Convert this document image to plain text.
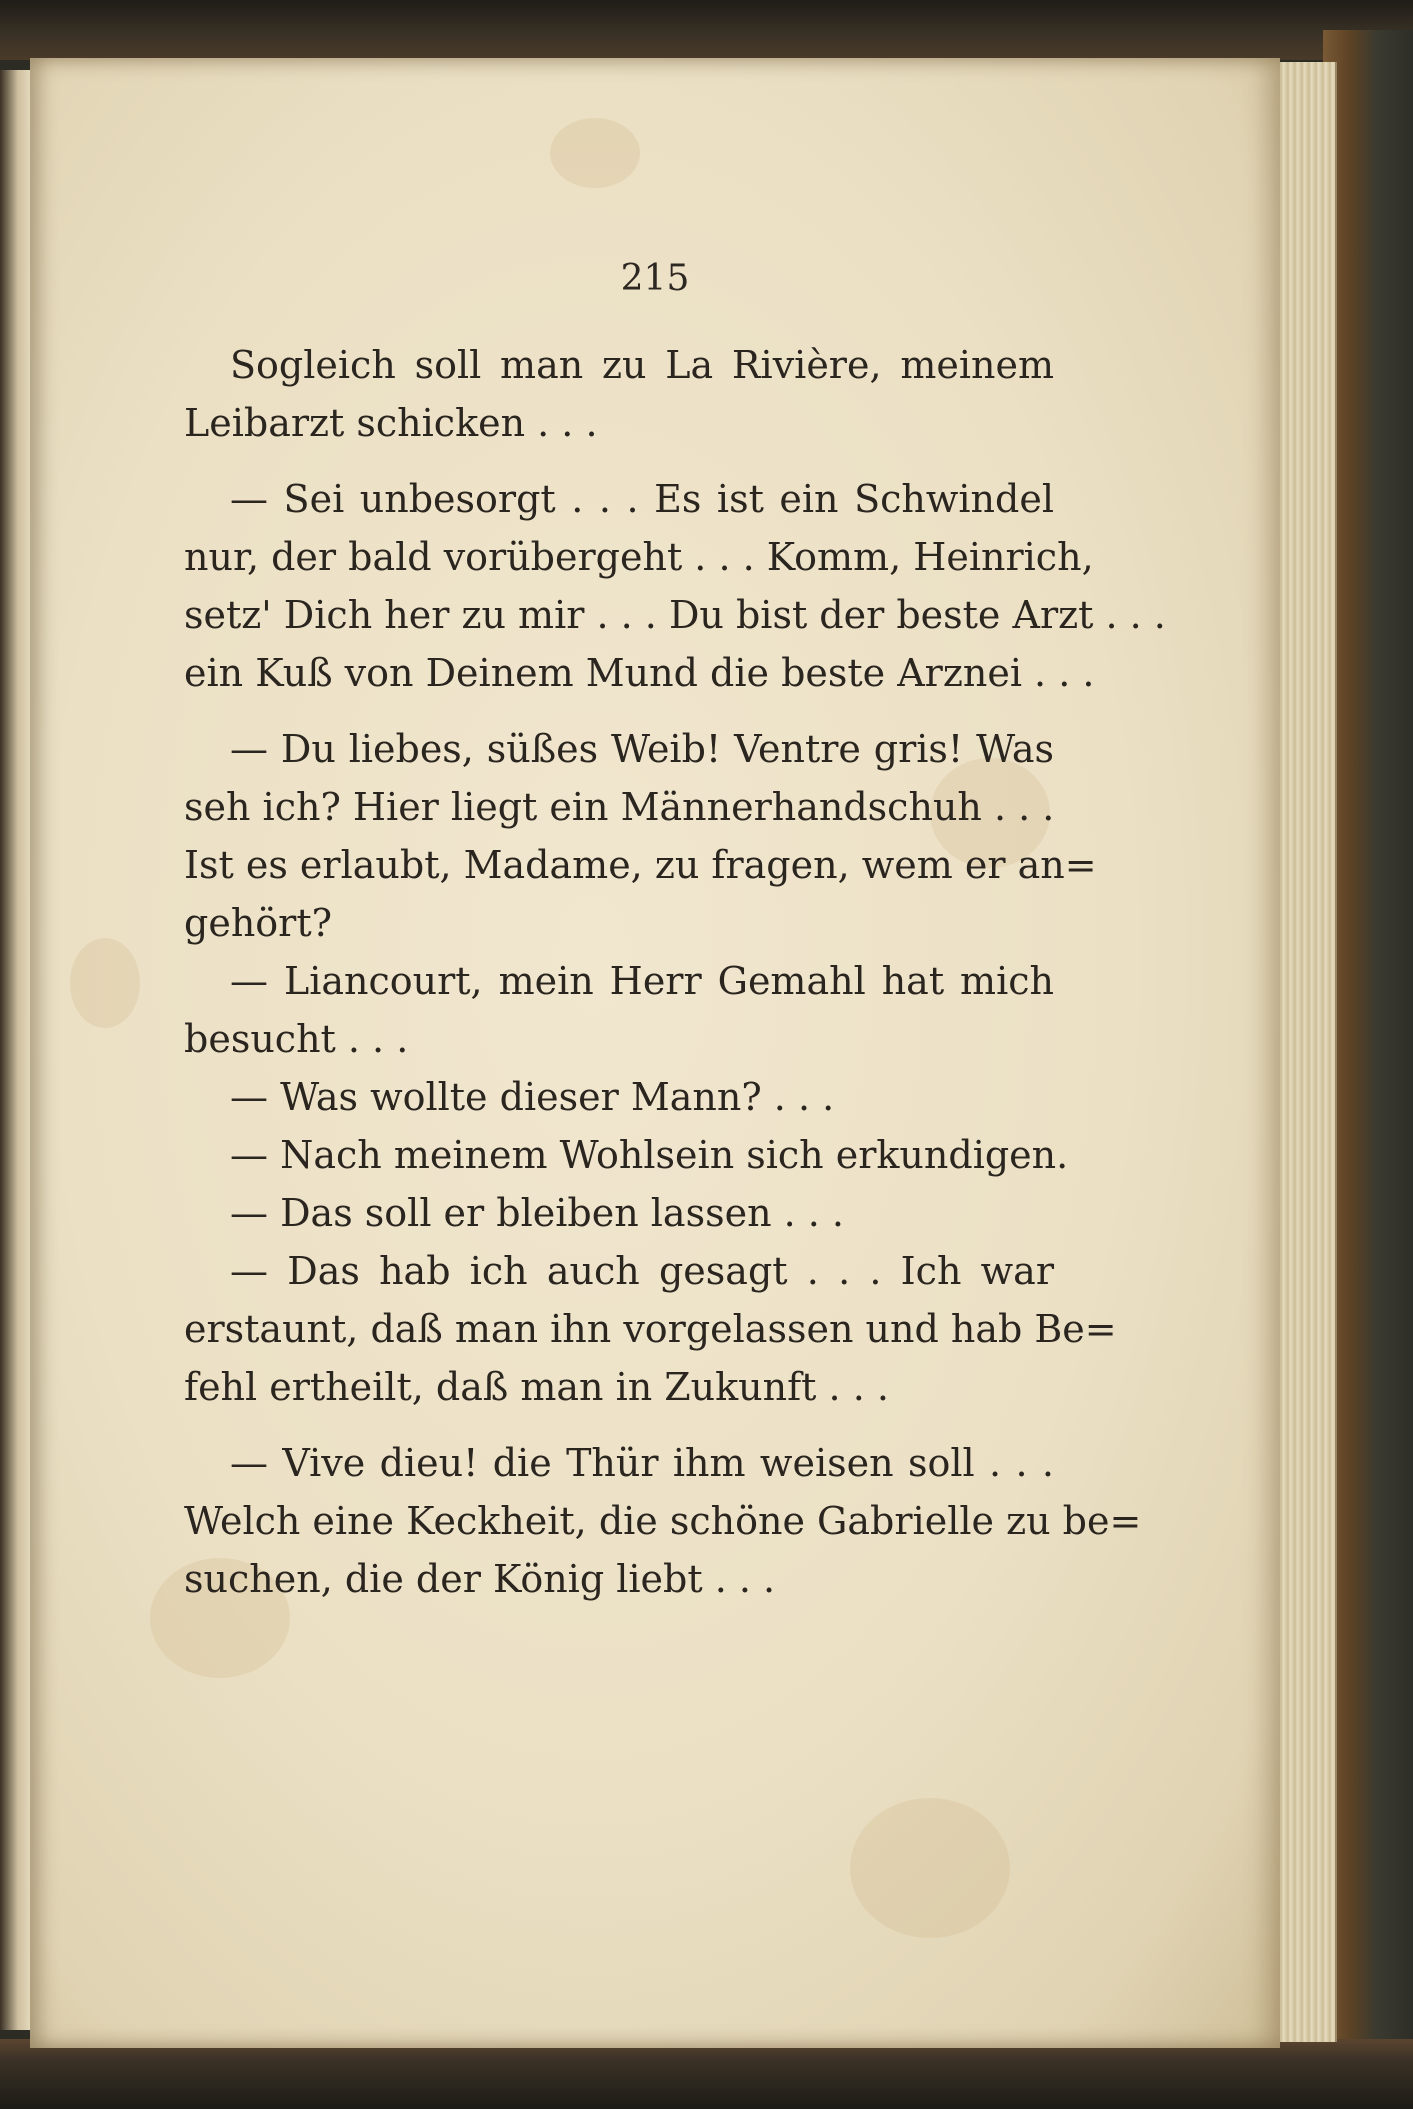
215
Sogleich soll man zu La Rivière, meinem
Leibarzt schicken . . .
— Sei unbesorgt . . . Es ist ein Schwindel
nur, der bald vorübergeht . . . Komm, Heinrich,
setz' Dich her zu mir . . . Du bist der beste Arzt . . .
ein Kuß von Deinem Mund die beste Arznei . . .
— Du liebes, süßes Weib! Ventre gris! Was
seh ich? Hier liegt ein Männerhandschuh . . .
Ist es erlaubt, Madame, zu fragen, wem er an=
gehört?
— Liancourt, mein Herr Gemahl hat mich
besucht . . .
— Was wollte dieser Mann? . . .
— Nach meinem Wohlsein sich erkundigen.
— Das soll er bleiben lassen . . .
— Das hab ich auch gesagt . . . Ich war
erstaunt, daß man ihn vorgelassen und hab Be=
fehl ertheilt, daß man in Zukunft . . .
— Vive dieu! die Thür ihm weisen soll . . .
Welch eine Keckheit, die schöne Gabrielle zu be=
suchen, die der König liebt . . .
